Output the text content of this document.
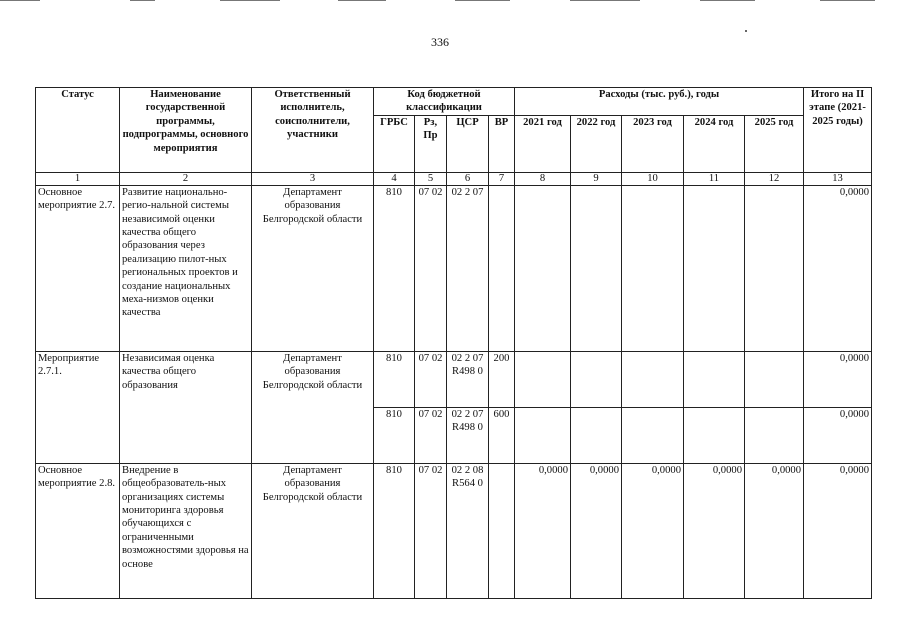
336
Статус	Наименование государственной программы, подпрограммы, основного мероприятия	Ответственный исполнитель, соисполнители, участники	Код бюджетной классификации				Расходы (тыс. руб.), годы					Итого на II этапе (2021-2025 годы)
			ГРБС	Рз, Пр	ЦСР	ВР	2021 год	2022 год	2023 год	2024 год	2025 год	
1	2	3	4	5	6	7	8	9	10	11	12	13
Основное мероприятие 2.7.	Развитие национально-регио-нальной системы независимой оценки качества общего образования через реализацию пилот-ных региональных проектов и создание национальных меха-низмов оценки качества	Департамент образования Белгородской области	810	07 02	02 2 07							0,0000
Мероприятие 2.7.1.	Независимая оценка качества общего образования	Департамент образования Белгородской области	810	07 02	02 2 07 R498 0	200						0,0000
			810	07 02	02 2 07 R498 0	600						0,0000
Основное мероприятие 2.8.	Внедрение в общеобразователь-ных организациях системы мониторинга здоровья обучающихся с ограниченными возможностями здоровья на основе	Департамент образования Белгородской области	810	07 02	02 2 08 R564 0		0,0000	0,0000	0,0000	0,0000	0,0000	0,0000
